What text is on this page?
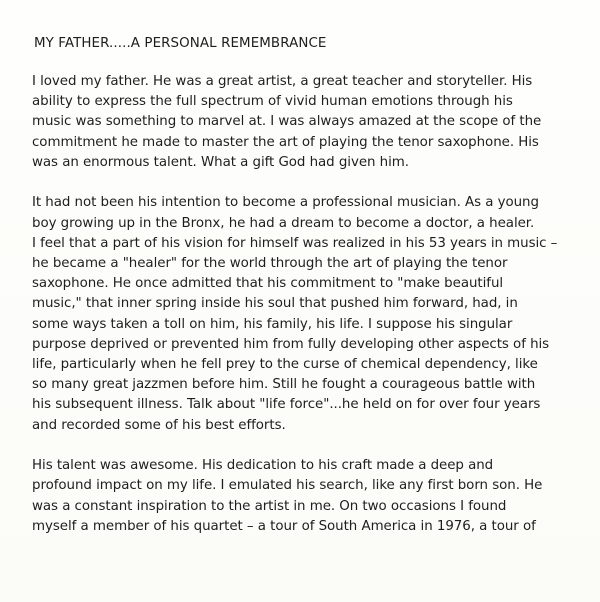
MY FATHER.....A PERSONAL REMEMBRANCE
I loved my father. He was a great artist, a great teacher and storyteller. His
ability to express the full spectrum of vivid human emotions through his
music was something to marvel at. I was always amazed at the scope of the
commitment he made to master the art of playing the tenor saxophone. His
was an enormous talent. What a gift God had given him.
It had not been his intention to become a professional musician. As a young
boy growing up in the Bronx, he had a dream to become a doctor, a healer.
I feel that a part of his vision for himself was realized in his 53 years in music –
he became a "healer" for the world through the art of playing the tenor
saxophone. He once admitted that his commitment to "make beautiful
music," that inner spring inside his soul that pushed him forward, had, in
some ways taken a toll on him, his family, his life. I suppose his singular
purpose deprived or prevented him from fully developing other aspects of his
life, particularly when he fell prey to the curse of chemical dependency, like
so many great jazzmen before him. Still he fought a courageous battle with
his subsequent illness. Talk about "life force"...he held on for over four years
and recorded some of his best efforts.
His talent was awesome. His dedication to his craft made a deep and
profound impact on my life. I emulated his search, like any first born son. He
was a constant inspiration to the artist in me. On two occasions I found
myself a member of his quartet – a tour of South America in 1976, a tour of
